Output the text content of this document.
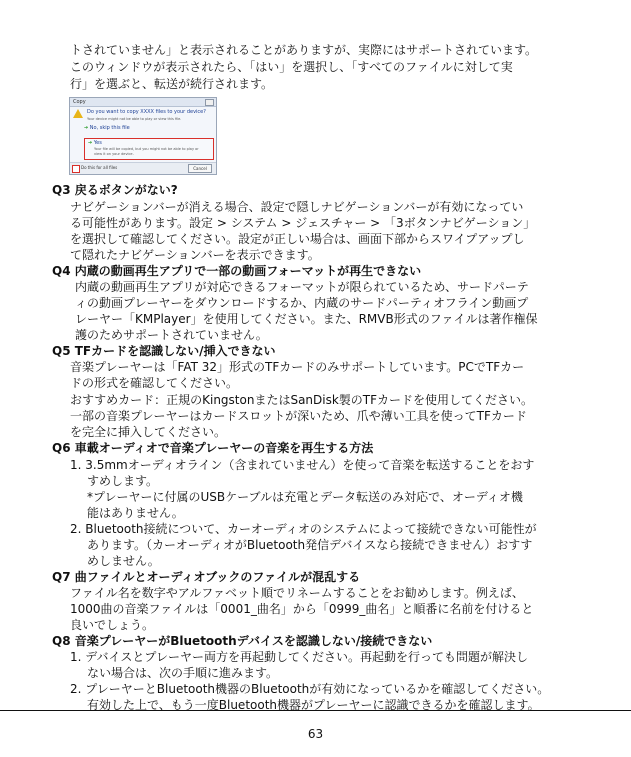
トされていません」と表示されることがありますが、実際にはサポートされています。
このウィンドウが表示されたら、「はい」を選択し、「すべてのファイルに対して実
行」を選ぶと、転送が続行されます。
Copy
Do you want to copy XXXX files to your device?
Your device might not be able to play or view this file.
➔ No, skip this file
➔ Yes
Your file will be copied, but you might not be able to play or view it on your device.
Do this for all files	Cancel
Q3 戻るボタンがない?
ナビゲーションバーが消える場合、設定で隠しナビゲーションバーが有効になってい
る可能性があります。設定 > システム > ジェスチャー > 「3ボタンナビゲーション」
を選択して確認してください。設定が正しい場合は、画面下部からスワイプアップし
て隠れたナビゲーションバーを表示できます。
Q4 内蔵の動画再生アプリで一部の動画フォーマットが再生できない
内蔵の動画再生アプリが対応できるフォーマットが限られているため、サードパーテ
ィの動画プレーヤーをダウンロードするか、内蔵のサードパーティオフライン動画プ
レーヤー「KMPlayer」を使用してください。また、RMVB形式のファイルは著作権保
護のためサポートされていません。
Q5 TFカードを認識しない/挿入できない
音楽プレーヤーは「FAT 32」形式のTFカードのみサポートしています。PCでTFカー
ドの形式を確認してください。
おすすめカード：正規のKingstonまたはSanDisk製のTFカードを使用してください。
一部の音楽プレーヤーはカードスロットが深いため、爪や薄い工具を使ってTFカード
を完全に挿入してください。
Q6 車載オーディオで音楽プレーヤーの音楽を再生する方法
1. 3.5mmオーディオライン（含まれていません）を使って音楽を転送することをおす
すめします。
*プレーヤーに付属のUSBケーブルは充電とデータ転送のみ対応で、オーディオ機
能はありません。
2. Bluetooth接続について、カーオーディオのシステムによって接続できない可能性が
あります。（カーオーディオがBluetooth発信デバイスなら接続できません）おすす
めしません。
Q7 曲ファイルとオーディオブックのファイルが混乱する
ファイル名を数字やアルファベット順でリネームすることをお勧めします。例えば、
1000曲の音楽ファイルは「0001_曲名」から「0999_曲名」と順番に名前を付けると
良いでしょう。
Q8 音楽プレーヤーがBluetoothデバイスを認識しない/接続できない
1. デバイスとプレーヤー両方を再起動してください。再起動を行っても問題が解決し
ない場合は、次の手順に進みます。
2. プレーヤーとBluetooth機器のBluetoothが有効になっているかを確認してください。
有効した上で、もう一度Bluetooth機器がプレーヤーに認識できるかを確認します。
63
